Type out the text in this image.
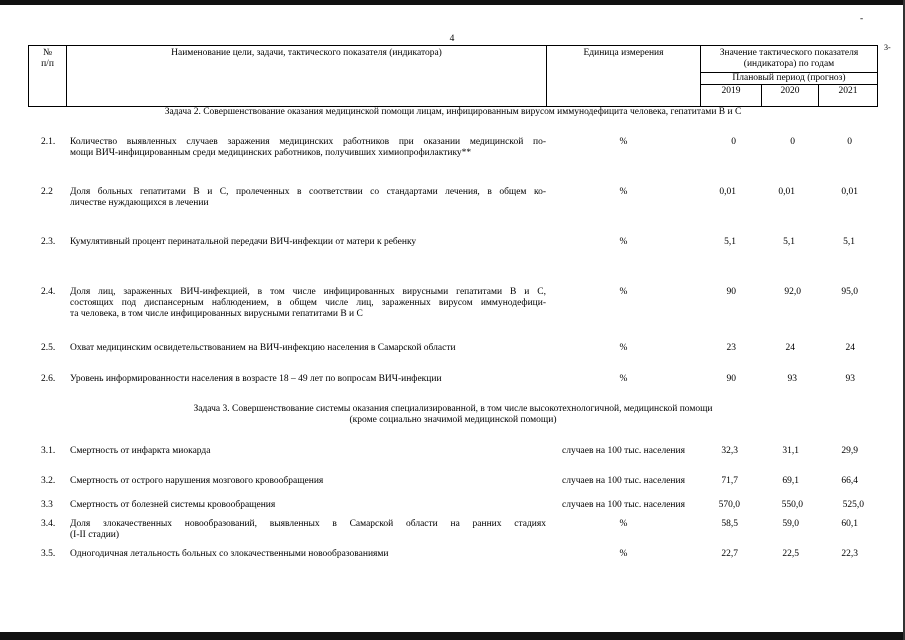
-
3-
4
№
п/п
Наименование цели, задачи, тактического показателя (индикатора)	Единица измерения	Значение тактического показателя
(индикатора) по годам
Плановый период (прогноз)
2019	2020	2021
Задача 2. Совершенствование оказания медицинской помощи лицам, инфицированным вирусом иммунодефицита человека, гепатитами В и С
2.1. Количество выявленных случаев заражения медицинских работников при оказании медицинской по-
мощи ВИЧ-инфицированным среди медицинских работников, получивших химиопрофилактику**
%	0	0	0
2.2 Доля больных гепатитами В и С, пролеченных в соответствии со стандартами лечения, в общем ко-
личестве нуждающихся в лечении
%	0,01	0,01	0,01
2.3. Кумулятивный процент перинатальной передачи ВИЧ-инфекции от матери к ребенку	%	5,1	5,1	5,1
2.4. Доля лиц, зараженных ВИЧ-инфекцией, в том числе инфицированных вирусными гепатитами В и С,
состоящих под диспансерным наблюдением, в общем числе лиц, зараженных вирусом иммунодефици-
та человека, в том числе инфицированных вирусными гепатитами В и С
%	90	92,0	95,0
2.5. Охват медицинским освидетельствованием на ВИЧ-инфекцию населения в Самарской области	%	23	24	24
2.6. Уровень информированности населения в возрасте 18 – 49 лет по вопросам ВИЧ-инфекции	%	90	93	93
Задача 3. Совершенствование системы оказания специализированной, в том числе высокотехнологичной, медицинской помощи
(кроме социально значимой медицинской помощи)
3.1. Смертность от инфаркта миокарда	случаев на 100 тыс. населения	32,3	31,1	29,9
3.2. Смертность от острого нарушения мозгового кровообращения	случаев на 100 тыс. населения	71,7	69,1	66,4
3.3 Смертность от болезней системы кровообращения	случаев на 100 тыс. населения	570,0	550,0	525,0
3.4. Доля злокачественных новообразований, выявленных в Самарской области на ранних стадиях
(I-II стадии)
%	58,5	59,0	60,1
3.5. Одногодичная летальность больных со злокачественными новообразованиями	%	22,7	22,5	22,3
